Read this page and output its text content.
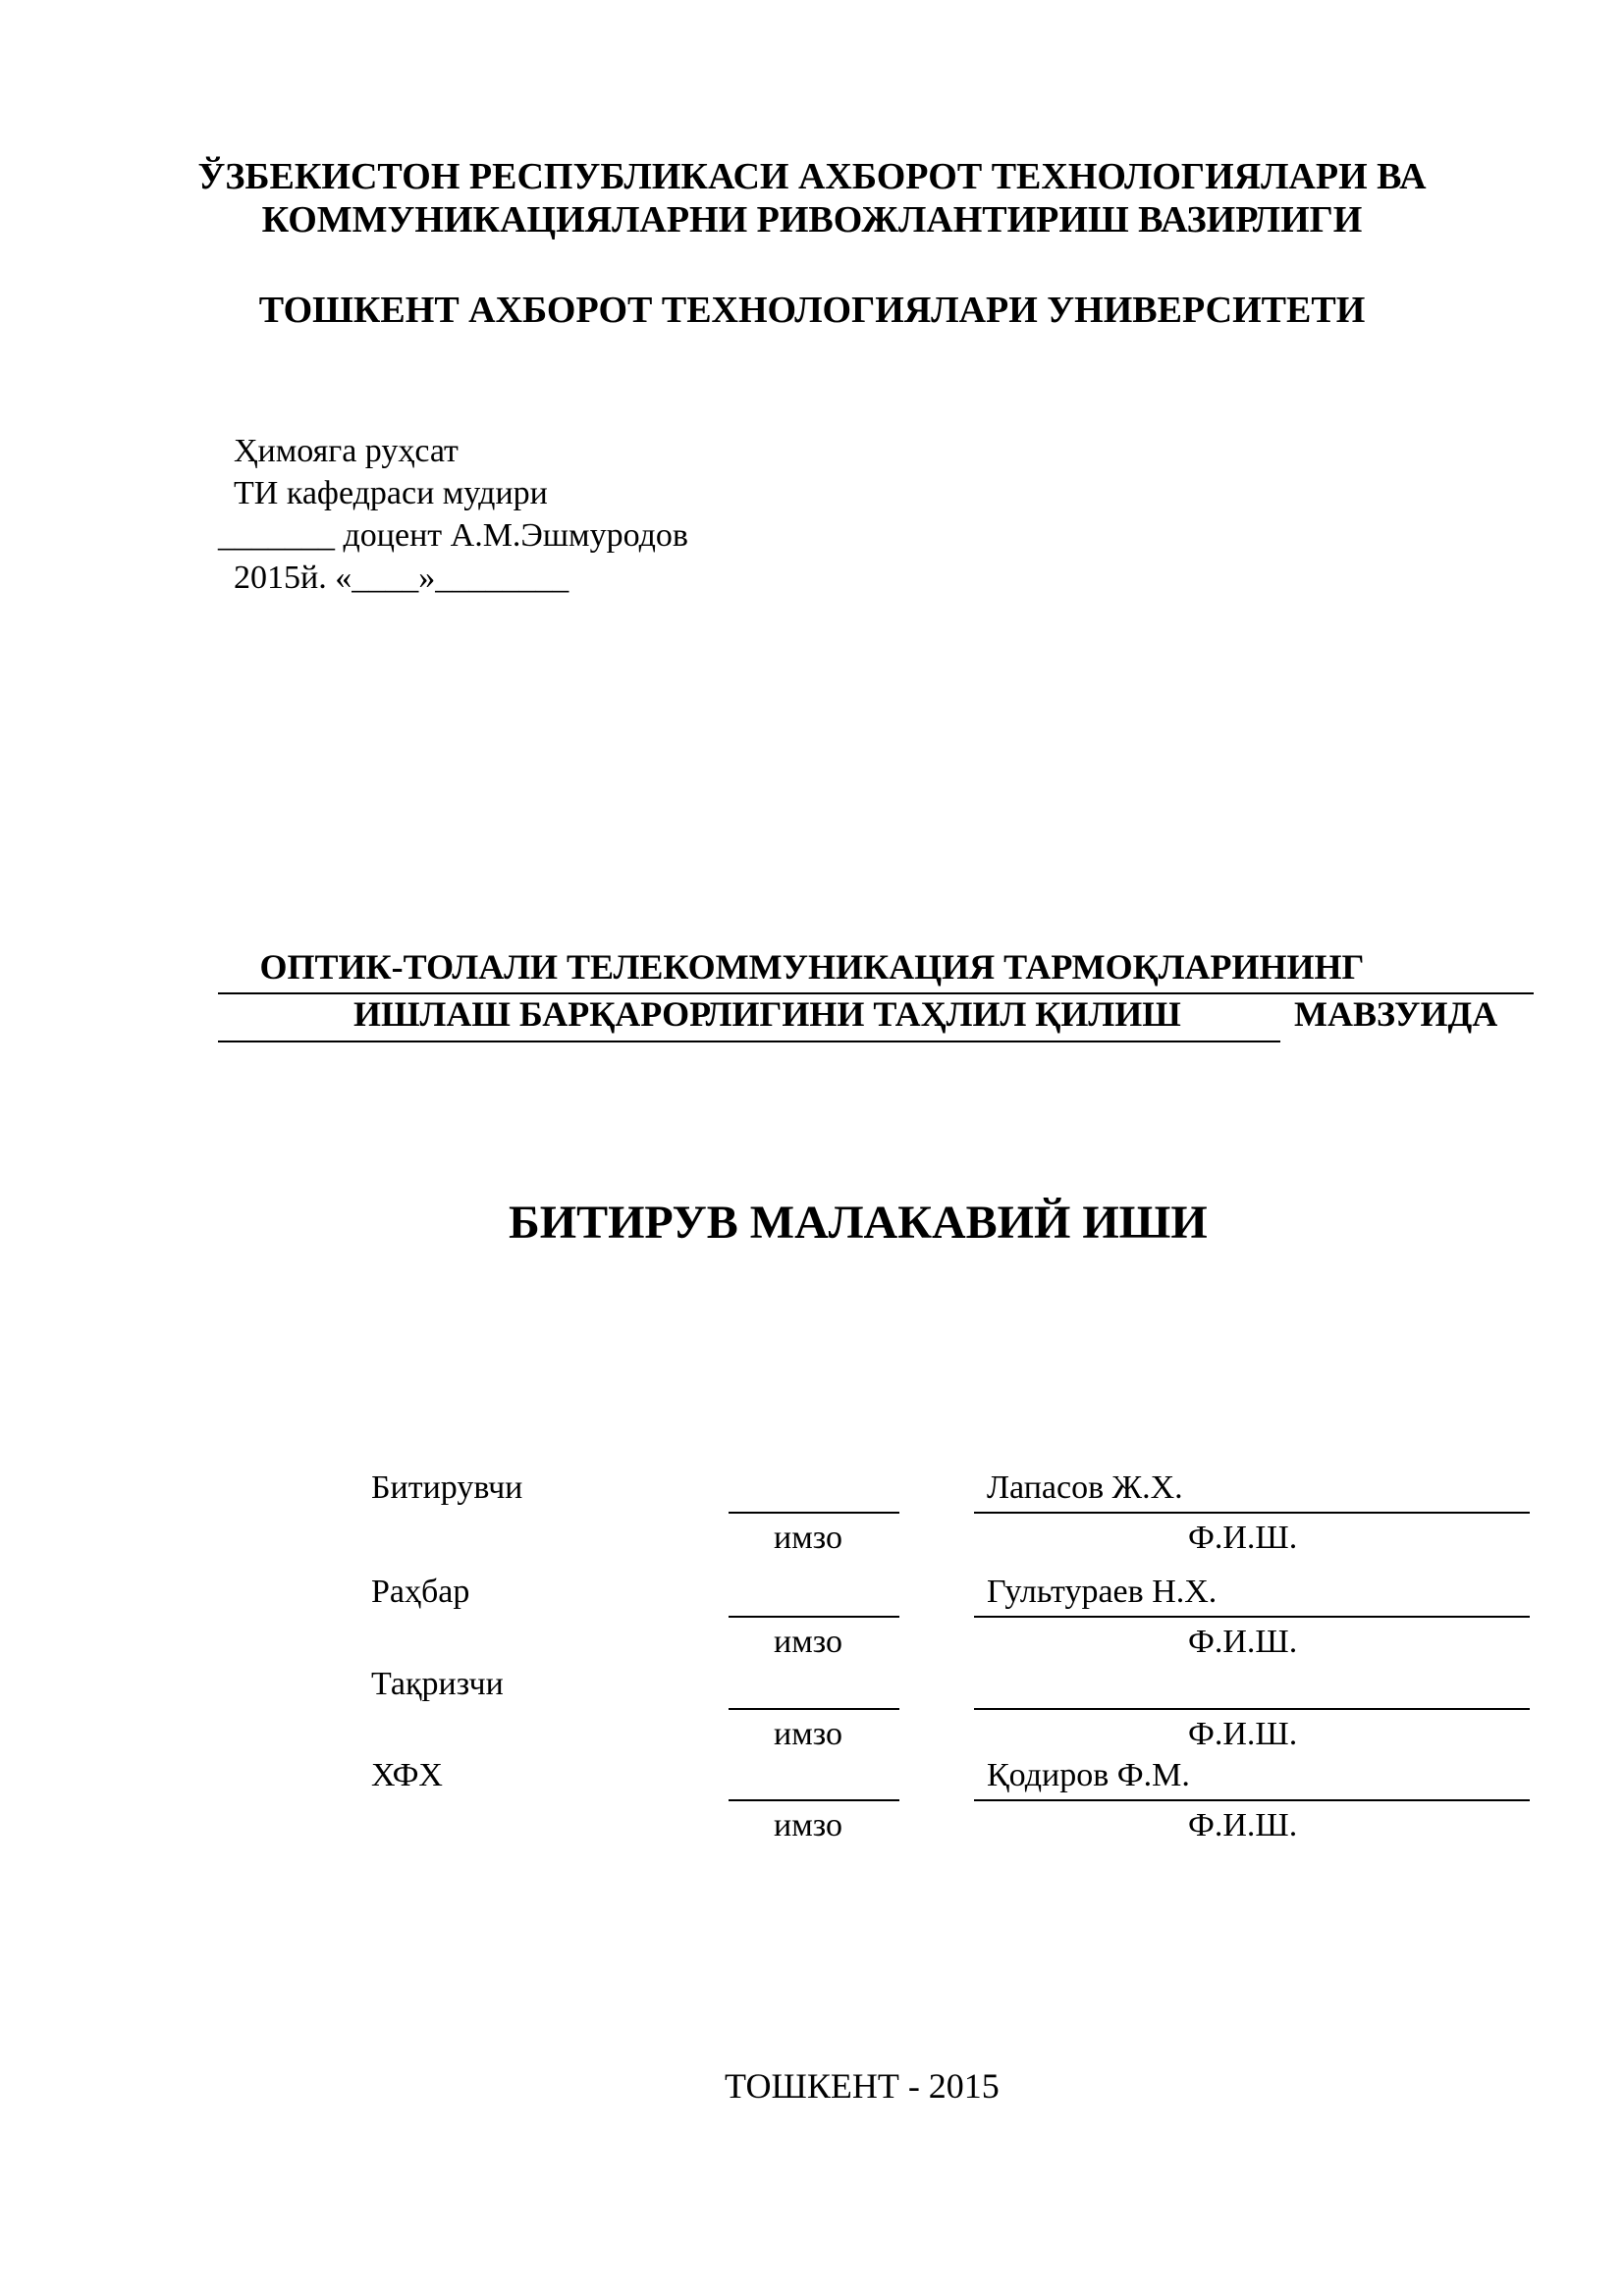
ЎЗБЕКИСТОН РЕСПУБЛИКАСИ АХБОРОТ ТЕХНОЛОГИЯЛАРИ ВА
КОММУНИКАЦИЯЛАРНИ РИВОЖЛАНТИРИШ ВАЗИРЛИГИ
ТОШКЕНТ АХБОРОТ ТЕХНОЛОГИЯЛАРИ УНИВЕРСИТЕТИ
Ҳимояга руҳсат
ТИ кафедраси мудири
_______ доцент А.М.Эшмуродов
2015й. «____»________
ОПТИК-ТОЛАЛИ ТЕЛЕКОММУНИКАЦИЯ ТАРМОҚЛАРИНИНГ
ИШЛАШ БАРҚАРОРЛИГИНИ ТАҲЛИЛ ҚИЛИШ	МАВЗУИДА
БИТИРУВ МАЛАКАВИЙ ИШИ
Битирувчи	Лапасов Ж.Х.
имзо	Ф.И.Ш.
Раҳбар	Гультураев Н.Х.
имзо	Ф.И.Ш.
Тақризчи
имзо	Ф.И.Ш.
ХФХ	Қодиров Ф.М.
имзо	Ф.И.Ш.
ТОШКЕНТ - 2015
